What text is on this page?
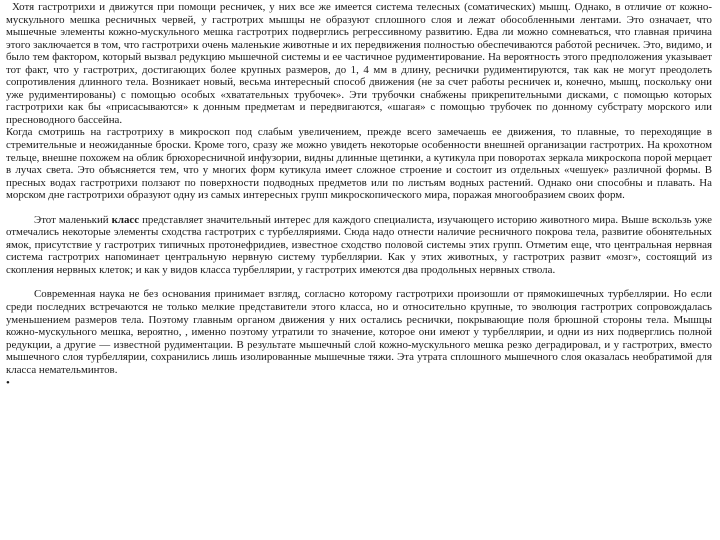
Хотя гастротрихи и движутся при помощи ресничек, у них все же имеется система телесных (соматических) мышц. Однако, в отличие от кожно-мускульного мешка ресничных червей, у гастротрих мышцы не образуют сплошного слоя и лежат обособленными лентами. Это означает, что мышечные элементы кожно-мускульного мешка гастротрих подверглись регрессивному развитию. Едва ли можно сомневаться, что главная причина этого заключается в том, что гастротрихи очень маленькие животные и их передвижения полностью обеспечиваются работой ресничек. Это, видимо, и было тем фактором, который вызвал редукцию мышечной системы и ее частичное рудиментирование. На вероятность этого предположения указывает тот факт, что у гастротрих, достигающих более крупных размеров, до 1, 4 мм в длину, реснички рудиментируются, так как не могут преодолеть сопротивления длинного тела. Возникает новый, весьма интересный способ движения (не за счет работы ресничек и, конечно, мышц, поскольку они уже рудиментированы) с помощью особых «хватательных трубочек». Эти трубочки снабжены прикрепительными дисками, с помощью которых гастротрихи как бы «присасываются» к донным предметам и передвигаются, «шагая» с помощью трубочек по донному субстрату морского или пресноводного бассейна.

Когда смотришь на гастротриху в микроскоп под слабым увеличением, прежде всего замечаешь ее движения, то плавные, то переходящие в стремительные и неожиданные броски. Кроме того, сразу же можно увидеть некоторые особенности внешней организации гастротрих. На крохотном тельце, внешне похожем на облик брюхоресничной инфузории, видны длинные щетинки, а кутикула при поворотах зеркала микроскопа порой мерцает в лучах света. Это объясняется тем, что у многих форм кутикула имеет сложное строение и состоит из отдельных «чешуек» различной формы. В пресных водах гастротрихи ползают по поверхности подводных предметов или по листьям водных растений. Однако они способны и плавать. На морском дне гастротрихи образуют одну из самых интересных групп микроскопического мира, поражая многообразием своих форм.

Этот маленький класс представляет значительный интерес для каждого специалиста, изучающего историю животного мира. Выше вскользь уже отмечались некоторые элементы сходства гастротрих с турбелляриями. Сюда надо отнести наличие ресничного покрова тела, развитие обонятельных ямок, присутствие у гастротрих типичных протонефридиев, известное сходство половой системы этих групп. Отметим еще, что центральная нервная система гастротрих напоминает центральную нервную систему турбеллярии. Как у этих животных, у гастротрих развит «мозг», состоящий из скопления нервных клеток; и как у видов класса турбеллярии, у гастротрих имеются два продольных нервных ствола.

Современная наука не без основания принимает взгляд, согласно которому гастротрихи произошли от прямокишечных турбеллярии. Но если среди последних встречаются не только мелкие представители этого класса, но и относительно крупные, то эволюция гастротрих сопровождалась уменьшением размеров тела. Поэтому главным органом движения у них остались реснички, покрывающие поля брюшной стороны тела. Мышцы кожно-мускульного мешка, вероятно, , именно поэтому утратили то значение, которое они имеют у турбеллярии, и одни из них подверглись полной редукции, а другие — известной рудиментации. В результате мышечный слой кожно-мускульного мешка резко деградировал, и у гастротрих, вместо мышечного слоя турбеллярии, сохранились лишь изолированные мышечные тяжи. Эта утрата сплошного мышечного слоя оказалась необратимой для класса немательминтов.

•
